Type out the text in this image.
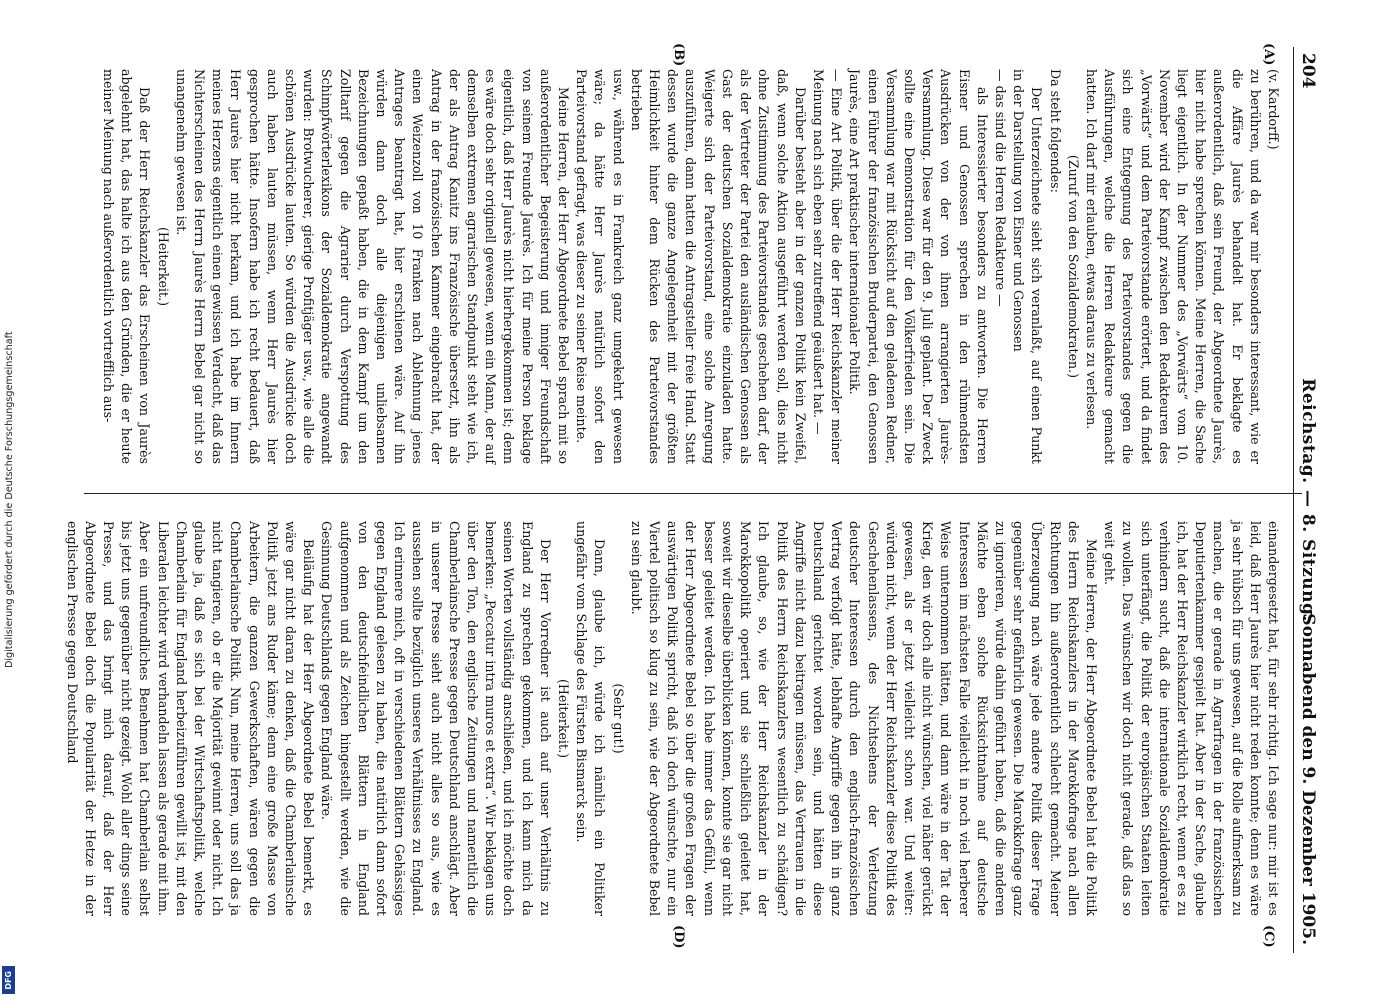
Digitalisierung gefördert durch die Deutsche Forschungsgemeinschaft
DFG
204
Reichstag. — 8. Sitzung.
Sonnabend den 9. Dezember 1905.
(A)
(B)
(C)
(D)

(v. Kardorff.)

zu berühren, und da war mir besonders interessant, wie er die Affäre Jaurès behandelt hat. Er beklagte es außerordentlich, daß sein Freund, der Abgeordnete Jaurès, hier nicht habe sprechen können. Meine Herren, die Sache liegt eigentlich. In der Nummer des „Vorwärts“ vom 10. November wird der Kampf zwischen den Redakteuren des „Vorwärts“ und dem Parteivorstande erörtert, und da findet sich eine Entgegnung des Parteivorstandes gegen die Ausführungen, welche die Herren Redakteure gemacht hatten. Ich darf mir erlauben, etwas daraus zu verlesen.

(Zuruf von den Sozialdemokraten.)

Da steht folgendes:

Der Unterzeichnete sieht sich veranlaßt, auf einen Punkt in der Darstellung von Eisner und Genossen

— das sind die Herren Redakteure —

als Interessierter besonders zu antworten. Die Herren Eisner und Genossen sprechen in den rühmendsten Ausdrücken von der von ihnen arrangierten Jaurès-Versammlung. Diese war für den 9. Juli geplant. Der Zweck sollte eine Demonstration für den Völkerfrieden sein. Die Versammlung war mit Rücksicht auf den geladenen Redner, einen Führer der französischen Bruderpartei, den Genossen Jaurès, eine Art praktischer internationaler Politik.

— Eine Art Politik, über die der Herr Reichskanzler meiner Meinung nach sich eben sehr zutreffend geäußert hat. —

Darüber besteht aber in der ganzen Politik kein Zweifel, daß, wenn solche Aktion ausgeführt werden soll, dies nicht ohne Zustimmung des Parteivorstandes geschehen darf, der als der Vertreter der Partei den ausländischen Genossen als Gast der deutschen Sozialdemokratie einzuladen hatte. Weigerte sich der Parteivorstand, eine solche Anregung auszuführen, dann hatten die Antragsteller freie Hand. Statt dessen wurde die ganze Angelegenheit mit der größten Heimlichkeit hinter dem Rücken des Parteivorstandes betrieben

usw., während es in Frankreich ganz umgekehrt gewesen wäre; da hätte Herr Jaurès natürlich sofort den Parteivorstand gefragt, was dieser zu seiner Reise meinte.

Meine Herren, der Herr Abgeordnete Bebel sprach mit so außerordentlicher Begeisterung und inniger Freundschaft von seinem Freunde Jaurès. Ich für meine Person beklage eigentlich, daß Herr Jaurès nicht hierhergekommen ist; denn es wäre doch sehr originell gewesen, wenn ein Mann, der auf demselben extremen agrarischen Standpunkt steht wie ich, der als Antrag Kanitz ins Französische übersetzt, ihn als Antrag in der französischen Kammer eingebracht hat, der einen Weizenzoll von 10 Franken nach Ablehnung jenes Antrages beantragt hat, hier erschienen wäre. Auf ihn würden dann doch alle diejenigen unliebsamen Bezeichnungen gepaßt haben, die in dem Kampf um den Zolltarif gegen die Agrarier durch Verspottung des Schimpfwörterlexikons der Sozialdemokratie angewandt wurden: Brotwucherer, gierige Profitjäger usw., wie alle die schönen Ausdrücke lauten. So würden die Ausdrücke doch auch haben lauten müssen, wenn Herr Jaurès hier gesprochen hätte. Insofern habe ich recht bedauert, daß Herr Jaurès hier nicht herkam, und ich habe im Innern meines Herzens eigentlich einen gewissen Verdacht, daß das Nichterscheinen des Herrn Jaurès Herrn Bebel gar nicht so unangenehm gewesen ist.

(Heiterkeit.)

Daß der Herr Reichskanzler das Erscheinen von Jaurès abgelehnt hat, das halte ich aus den Gründen, die er heute meiner Meinung nach außerordentlich vortrefflich aus-

einandergesetzt hat, für sehr richtig. Ich sage nur: mir ist es leid, daß Herr Jaurès hier nicht reden konnte; denn es wäre ja sehr hübsch für uns gewesen, auf die Rolle aufmerksam zu machen, die er gerade in Agrarfragen in der französischen Deputiertenkammer gespielt hat. Aber in der Sache, glaube ich, hat der Herr Reichskanzler wirklich recht, wenn er es zu verhindern sucht, daß die internationale Sozialdemokratie sich unterfängt, die Politik der europäischen Staaten leiten zu wollen. Das wünschen wir doch nicht gerade, daß das so weit geht.

Meine Herren, der Herr Abgeordnete Bebel hat die Politik des Herrn Reichskanzlers in der Marokkofrage nach allen Richtungen hin außerordentlich schlecht gemacht. Meiner Überzeugung nach wäre jede andere Politik dieser Frage gegenüber sehr gefährlich gewesen. Die Marokkofrage ganz zu ignorieren, würde dahin geführt haben, daß die anderen Mächte eben solche Rücksichtnahme auf deutsche Interessen im nächsten Falle vielleicht in noch viel herberer Weise unternommen hätten, und dann wäre in der Tat der Krieg, den wir doch alle nicht wünschen, viel näher gerückt gewesen, als er jetzt vielleicht schon war. Und weiter: würden nicht, wenn der Herr Reichskanzler diese Politik des Geschehenlassens, des Nichtsehens der Verletzung deutscher Interessen durch den englisch-französischen Vertrag verfolgt hätte, lebhafte Angriffe gegen ihn in ganz Deutschland gerichtet worden sein, und hätten diese Angriffe nicht dazu beitragen müssen, das Vertrauen in die Politik des Herrn Reichskanzlers wesentlich zu schädigen? Ich glaube, so, wie der Herr Reichskanzler in der Marokkopolitik operiert und sie schließlich geleitet hat, soweit wir dieselbe überblicken können, konnte sie gar nicht besser geleitet werden. Ich habe immer das Gefühl, wenn der Herr Abgeordnete Bebel so über die großen Fragen der auswärtigen Politik spricht, daß ich doch wünschte, nur ein Viertel politisch so klug zu sein, wie der Abgeordnete Bebel zu sein glaubt.

(Sehr gut!)

Dann, glaube ich, würde ich nämlich ein Politiker ungefähr vom Schlage des Fürsten Bismarck sein.

(Heiterkeit.)

Der Herr Vorredner ist auch auf unser Verhältnis zu England zu sprechen gekommen, und ich kann mich da seinen Worten vollständig anschließen, und ich möchte doch bemerken: „Peccatur intra muros et extra“. Wir beklagen uns über den Ton, den englische Zeitungen und namentlich die Chamberlainsche Presse gegen Deutschland anschlägt. Aber in unserer Presse sieht auch nicht alles so aus, wie es aussehen sollte bezüglich unseres Verhältnisses zu England. Ich erinnere mich, oft in verschiedenen Blättern Gehässiges gegen England gelesen zu haben, die natürlich dann sofort von den deutschfeindlichen Blättern in England aufgenommen und als Zeichen hingestellt werden, wie die Gesinnung Deutschlands gegen England wäre.

Beiläufig hat der Herr Abgeordnete Bebel bemerkt, es wäre gar nicht daran zu denken, daß die Chamberlainsche Politik jetzt ans Ruder käme; denn eine große Masse von Arbeitern, die ganzen Gewerkschaften, wären gegen die Chamberlainsche Politik. Nun, meine Herren, uns soll das ja nicht tangieren, ob er die Majorität gewinnt oder nicht. Ich glaube ja, daß es sich bei der Wirtschaftspolitik, welche Chamberlain für England herbeizuführen gewillt ist, mit den Liberalen leichter wird verhandeln lassen als gerade mit ihm. Aber ein unfreundliches Benehmen hat Chamberlain selbst bis jetzt uns gegenüber nicht gezeigt. Wohl aller dings seine Presse, und das bringt mich darauf, daß der Herr Abgeordnete Bebel doch die Popularität der Hetze in der englischen Presse gegen Deutschland
